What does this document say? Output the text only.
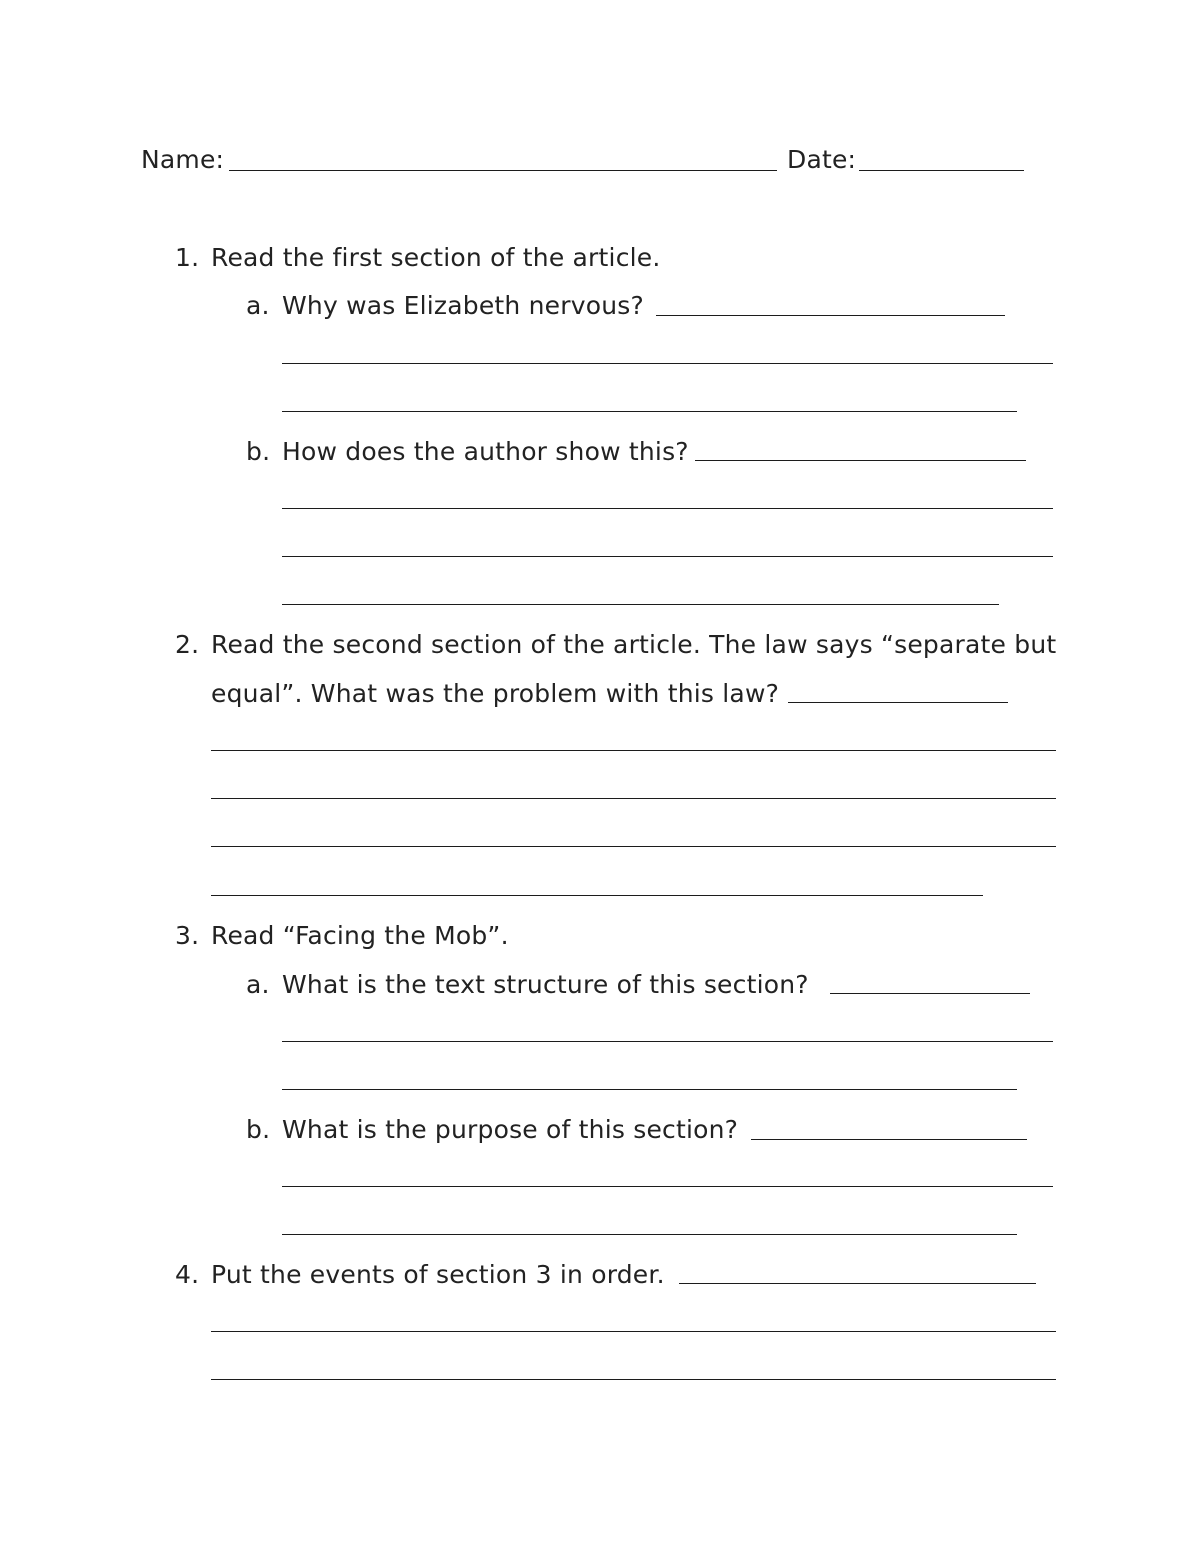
Name:	Date:
1. Read the first section of the article.
a. Why was Elizabeth nervous?
b. How does the author show this?
2. Read the second section of the article. The law says “separate but
equal”. What was the problem with this law?
3. Read “Facing the Mob”.
a. What is the text structure of this section?
b. What is the purpose of this section?
4. Put the events of section 3 in order.
